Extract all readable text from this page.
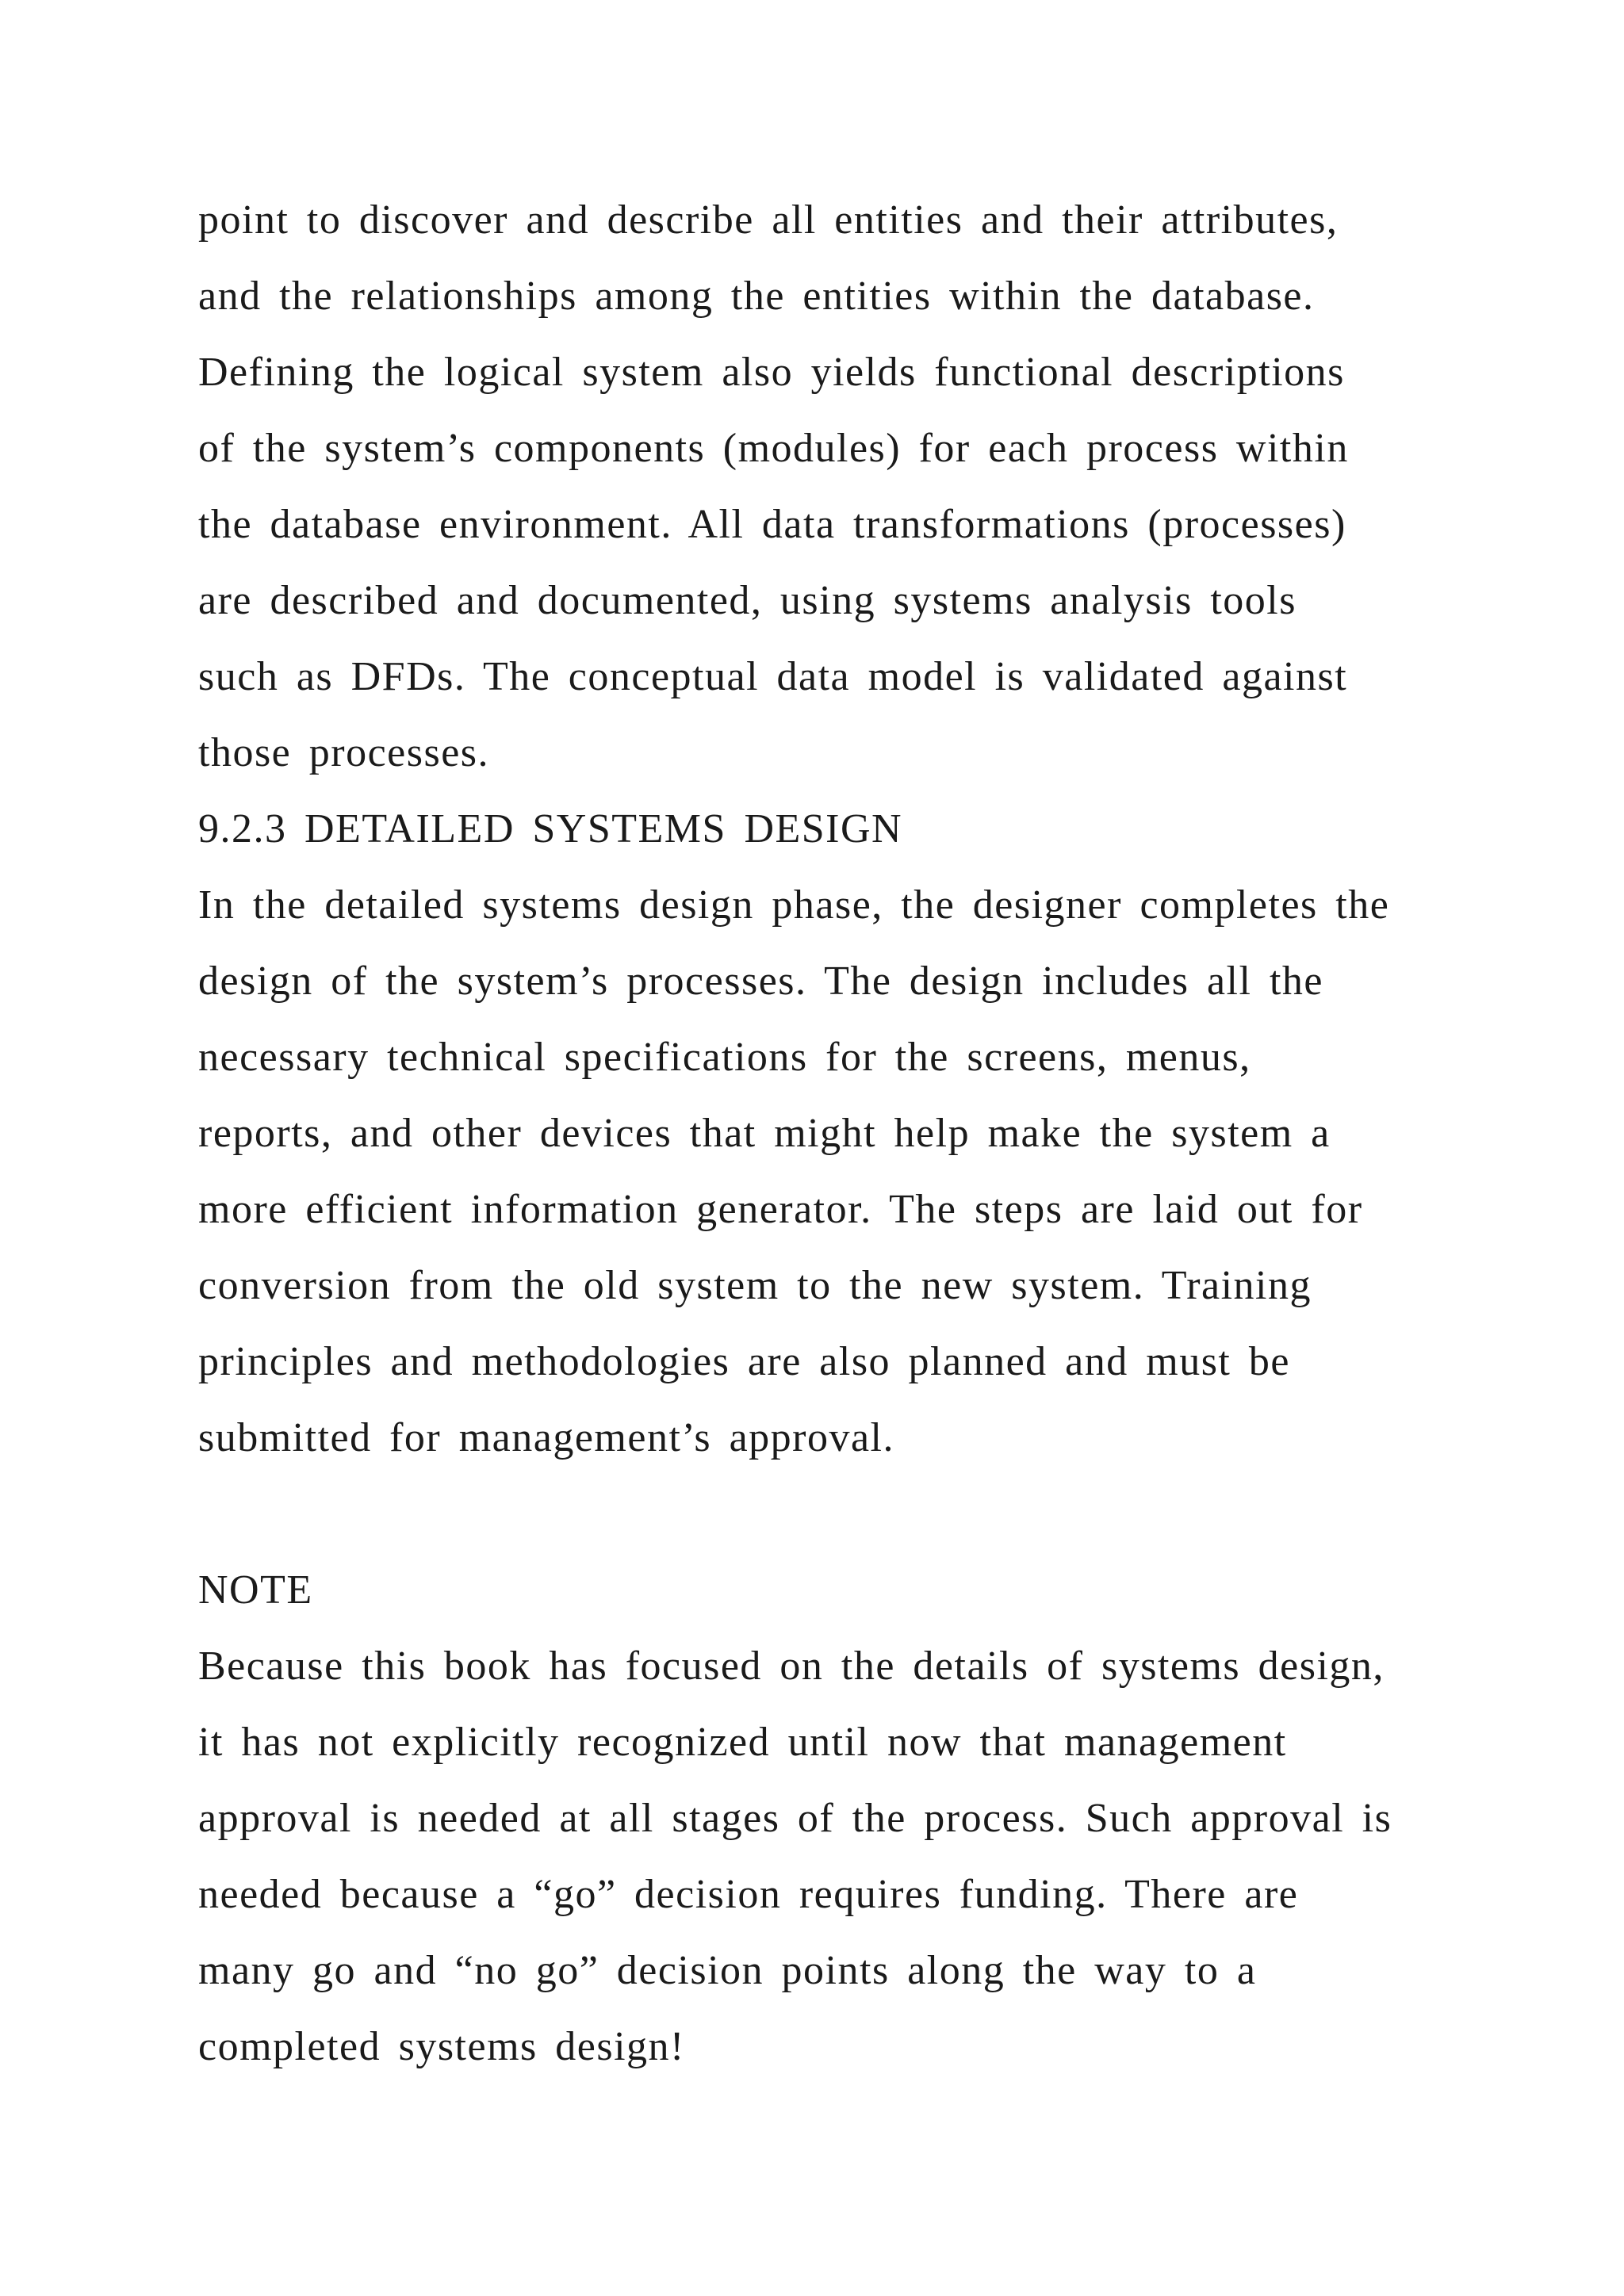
point to discover and describe all entities and their attributes,
and the relationships among the entities within the database.
Defining the logical system also yields functional descriptions
of the system’s components (modules) for each process within
the database environment. All data transformations (processes)
are described and documented, using systems analysis tools
such as DFDs. The conceptual data model is validated against
those processes.
9.2.3 DETAILED SYSTEMS DESIGN
In the detailed systems design phase, the designer completes the
design of the system’s processes. The design includes all the
necessary technical specifications for the screens, menus,
reports, and other devices that might help make the system a
more efficient information generator. The steps are laid out for
conversion from the old system to the new system. Training
principles and methodologies are also planned and must be
submitted for management’s approval.
NOTE
Because this book has focused on the details of systems design,
it has not explicitly recognized until now that management
approval is needed at all stages of the process. Such approval is
needed because a “go” decision requires funding. There are
many go and “no go” decision points along the way to a
completed systems design!
